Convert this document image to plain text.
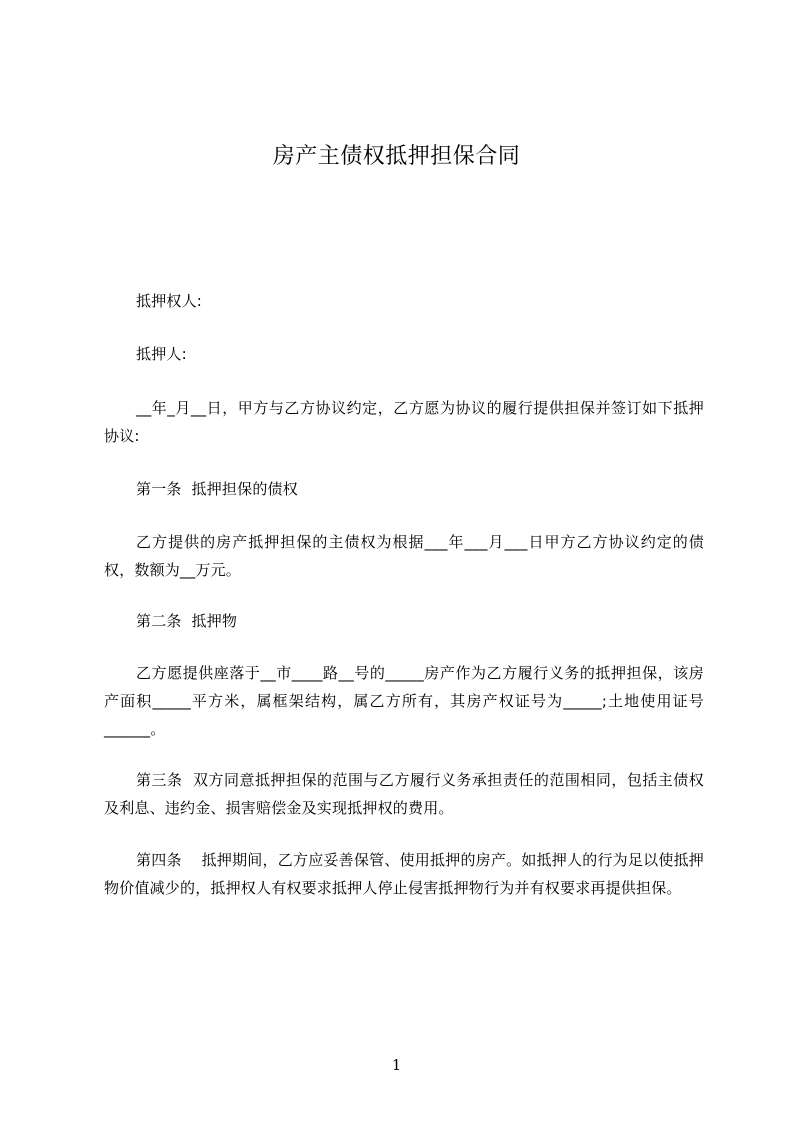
房产主债权抵押担保合同
抵押权人:
抵押人:
__年_月__日，甲方与乙方协议约定，乙方愿为协议的履行提供担保并签订如下抵押协议:
第一条  抵押担保的债权
乙方提供的房产抵押担保的主债权为根据___年___月___日甲方乙方协议约定的债权，数额为__万元。
第二条  抵押物
乙方愿提供座落于__市____路__号的_____房产作为乙方履行义务的抵押担保，该房产面积_____平方米，属框架结构，属乙方所有，其房产权证号为_____;土地使用证号______。
第三条  双方同意抵押担保的范围与乙方履行义务承担责任的范围相同，包括主债权及利息、违约金、损害赔偿金及实现抵押权的费用。
第四条    抵押期间，乙方应妥善保管、使用抵押的房产。如抵押人的行为足以使抵押物价值减少的，抵押权人有权要求抵押人停止侵害抵押物行为并有权要求再提供担保。
1
